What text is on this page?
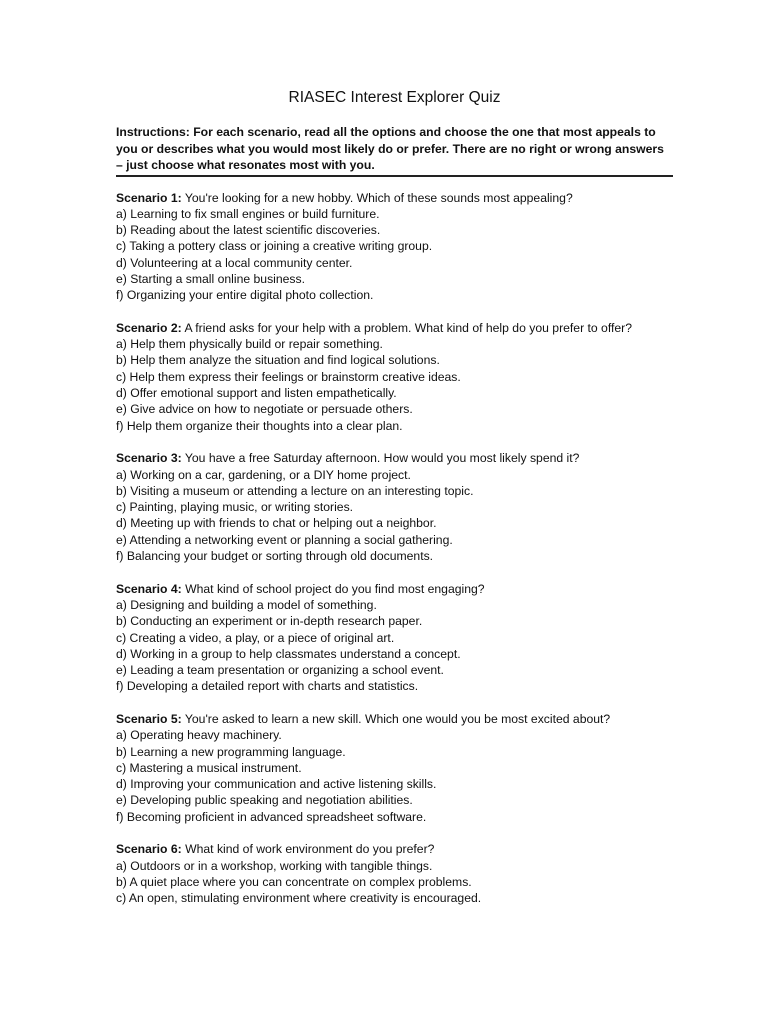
RIASEC Interest Explorer Quiz
Instructions: For each scenario, read all the options and choose the one that most appeals to you or describes what you would most likely do or prefer. There are no right or wrong answers – just choose what resonates most with you.
Scenario 1: You're looking for a new hobby. Which of these sounds most appealing?
a) Learning to fix small engines or build furniture.
b) Reading about the latest scientific discoveries.
c) Taking a pottery class or joining a creative writing group.
d) Volunteering at a local community center.
e) Starting a small online business.
f) Organizing your entire digital photo collection.
Scenario 2: A friend asks for your help with a problem. What kind of help do you prefer to offer?
a) Help them physically build or repair something.
b) Help them analyze the situation and find logical solutions.
c) Help them express their feelings or brainstorm creative ideas.
d) Offer emotional support and listen empathetically.
e) Give advice on how to negotiate or persuade others.
f) Help them organize their thoughts into a clear plan.
Scenario 3: You have a free Saturday afternoon. How would you most likely spend it?
a) Working on a car, gardening, or a DIY home project.
b) Visiting a museum or attending a lecture on an interesting topic.
c) Painting, playing music, or writing stories.
d) Meeting up with friends to chat or helping out a neighbor.
e) Attending a networking event or planning a social gathering.
f) Balancing your budget or sorting through old documents.
Scenario 4: What kind of school project do you find most engaging?
a) Designing and building a model of something.
b) Conducting an experiment or in-depth research paper.
c) Creating a video, a play, or a piece of original art.
d) Working in a group to help classmates understand a concept.
e) Leading a team presentation or organizing a school event.
f) Developing a detailed report with charts and statistics.
Scenario 5: You're asked to learn a new skill. Which one would you be most excited about?
a) Operating heavy machinery.
b) Learning a new programming language.
c) Mastering a musical instrument.
d) Improving your communication and active listening skills.
e) Developing public speaking and negotiation abilities.
f) Becoming proficient in advanced spreadsheet software.
Scenario 6: What kind of work environment do you prefer?
a) Outdoors or in a workshop, working with tangible things.
b) A quiet place where you can concentrate on complex problems.
c) An open, stimulating environment where creativity is encouraged.
